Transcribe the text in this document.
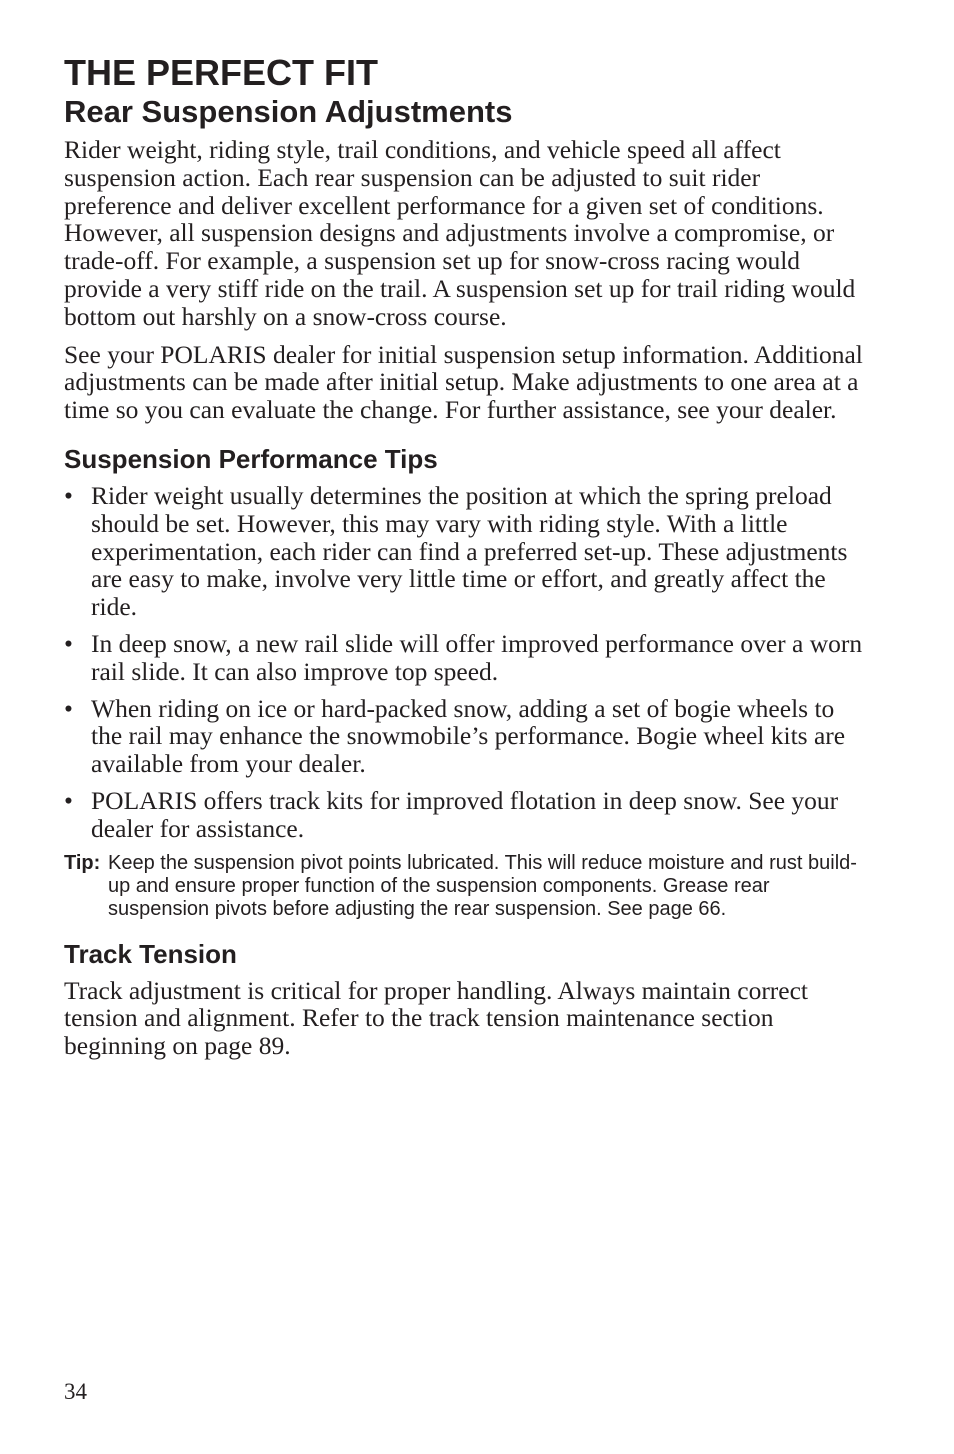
THE PERFECT FIT
Rear Suspension Adjustments

Rider weight, riding style, trail conditions, and vehicle speed all affect suspension action. Each rear suspension can be adjusted to suit rider preference and deliver excellent performance for a given set of conditions. However, all suspension designs and adjustments involve a compromise, or trade-off. For example, a suspension set up for snow-cross racing would provide a very stiff ride on the trail. A suspension set up for trail riding would bottom out harshly on a snow-cross course.

See your POLARIS dealer for initial suspension setup information. Additional adjustments can be made after initial setup. Make adjustments to one area at a time so you can evaluate the change. For further assistance, see your dealer.

Suspension Performance Tips
• Rider weight usually determines the position at which the spring preload should be set. However, this may vary with riding style. With a little experimentation, each rider can find a preferred set-up. These adjustments are easy to make, involve very little time or effort, and greatly affect the ride.
• In deep snow, a new rail slide will offer improved performance over a worn rail slide. It can also improve top speed.
• When riding on ice or hard-packed snow, adding a set of bogie wheels to the rail may enhance the snowmobile’s performance. Bogie wheel kits are available from your dealer.
• POLARIS offers track kits for improved flotation in deep snow. See your dealer for assistance.
Tip: Keep the suspension pivot points lubricated. This will reduce moisture and rust build-up and ensure proper function of the suspension components. Grease rear suspension pivots before adjusting the rear suspension. See page 66.
Track Tension

Track adjustment is critical for proper handling. Always maintain correct tension and alignment. Refer to the track tension maintenance section beginning on page 89.

34
